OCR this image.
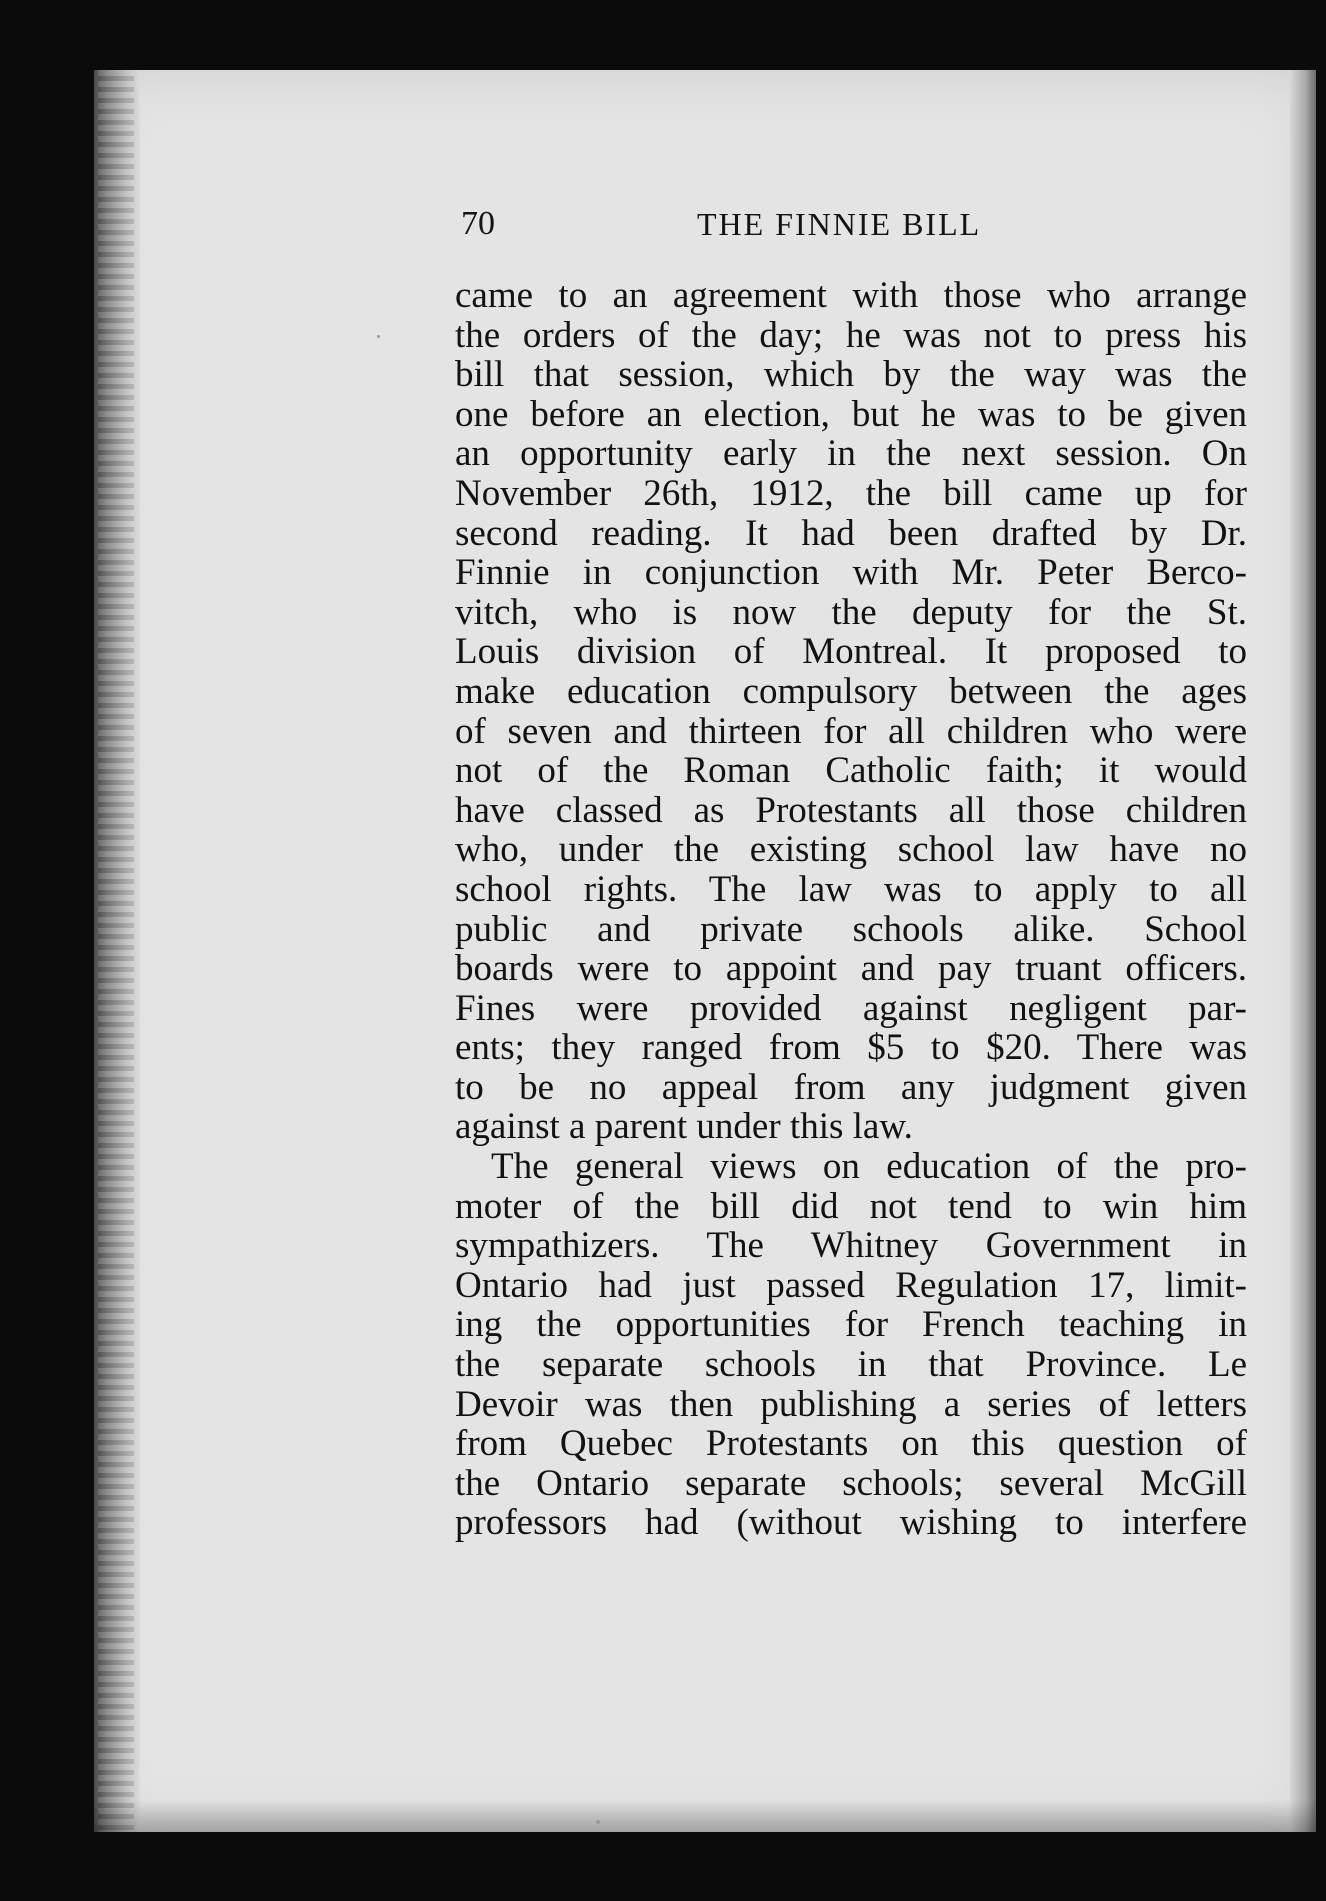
70	THE FINNIE BILL
came to an agreement with those who arrange
the orders of the day; he was not to press his
bill that session, which by the way was the
one before an election, but he was to be given
an opportunity early in the next session. On
November 26th, 1912, the bill came up for
second reading. It had been drafted by Dr.
Finnie in conjunction with Mr. Peter Berco-
vitch, who is now the deputy for the St.
Louis division of Montreal. It proposed to
make education compulsory between the ages
of seven and thirteen for all children who were
not of the Roman Catholic faith; it would
have classed as Protestants all those children
who, under the existing school law have no
school rights. The law was to apply to all
public and private schools alike. School
boards were to appoint and pay truant officers.
Fines were provided against negligent par-
ents; they ranged from $5 to $20. There was
to be no appeal from any judgment given
against a parent under this law.
The general views on education of the pro-
moter of the bill did not tend to win him
sympathizers. The Whitney Government in
Ontario had just passed Regulation 17, limit-
ing the opportunities for French teaching in
the separate schools in that Province. Le
Devoir was then publishing a series of letters
from Quebec Protestants on this question of
the Ontario separate schools; several McGill
professors had (without wishing to interfere
